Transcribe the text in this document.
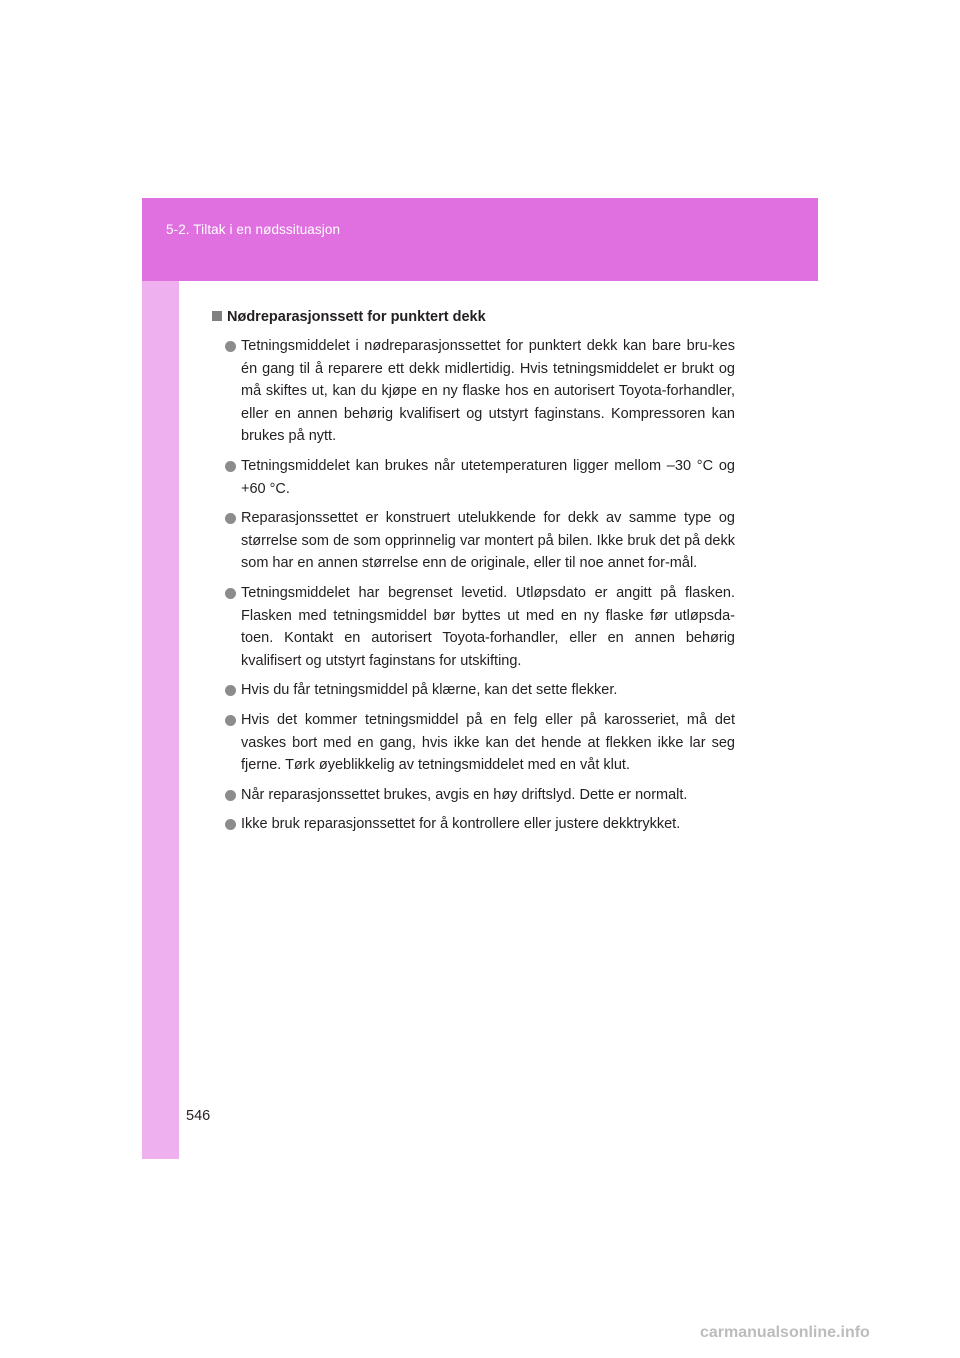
5-2. Tiltak i en nødssituasjon
Nødreparasjonssett for punktert dekk
Tetningsmiddelet i nødreparasjonssettet for punktert dekk kan bare bru-kes én gang til å reparere ett dekk midlertidig. Hvis tetningsmiddelet er brukt og må skiftes ut, kan du kjøpe en ny flaske hos en autorisert Toyota-forhandler, eller en annen behørig kvalifisert og utstyrt faginstans. Kompressoren kan brukes på nytt.
Tetningsmiddelet kan brukes når utetemperaturen ligger mellom –30 °C og +60 °C.
Reparasjonssettet er konstruert utelukkende for dekk av samme type og størrelse som de som opprinnelig var montert på bilen. Ikke bruk det på dekk som har en annen størrelse enn de originale, eller til noe annet for-mål.
Tetningsmiddelet har begrenset levetid. Utløpsdato er angitt på flasken. Flasken med tetningsmiddel bør byttes ut med en ny flaske før utløpsda-toen. Kontakt en autorisert Toyota-forhandler, eller en annen behørig kvalifisert og utstyrt faginstans for utskifting.
Hvis du får tetningsmiddel på klærne, kan det sette flekker.
Hvis det kommer tetningsmiddel på en felg eller på karosseriet, må det vaskes bort med en gang, hvis ikke kan det hende at flekken ikke lar seg fjerne. Tørk øyeblikkelig av tetningsmiddelet med en våt klut.
Når reparasjonssettet brukes, avgis en høy driftslyd. Dette er normalt.
Ikke bruk reparasjonssettet for å kontrollere eller justere dekktrykket.
546
carmanualsonline.info
